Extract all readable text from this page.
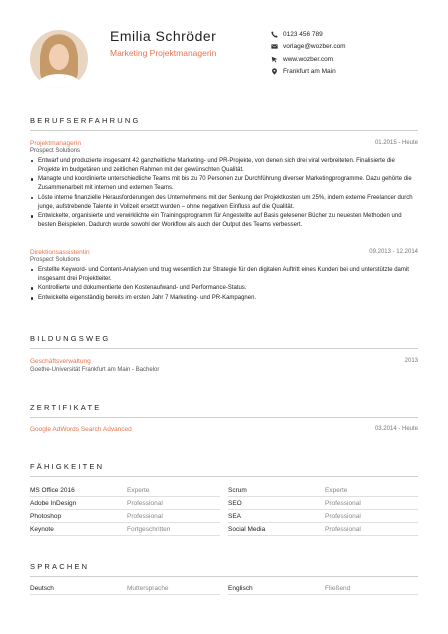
Emilia Schröder
Marketing Projektmanagerin
0123 456 789
vorlage@wozber.com
www.wozber.com
Frankfurt am Main
BERUFSERFAHRUNG
Projektmanagerin	01.2015 - Heute
Prospect Solutions
Entwarf und produzierte insgesamt 42 ganzheitliche Marketing- und PR-Projekte, von denen sich drei viral verbreiteten. Finalisierte die Projekte im budgetären und zeitlichen Rahmen mit der gewünschten Qualität.
Managte und koordinierte unterschiedliche Teams mit bis zu 70 Personen zur Durchführung diverser Marketingprogramme. Dazu gehörte die Zusammenarbeit mit internen und externen Teams.
Löste interne finanzielle Herausforderungen des Unternehmens mit der Senkung der Projektkosten um 25%, indem externe Freelancer durch junge, aufstrebende Talente in Vollzeit ersetzt wurden – ohne negativen Einfluss auf die Qualität.
Entwickelte, organisierte und verwirklichte ein Trainingsprogramm für Angestellte auf Basis gelesener Bücher zu neuesten Methoden und besten Beispielen. Dadurch wurde sowohl der Workflow als auch der Output des Teams verbessert.
Direktionsassistentin	09.2013 - 12.2014
Prospect Solutions
Erstellte Keyword- und Content-Analysen und trug wesentlich zur Strategie für den digitalen Auftritt eines Kunden bei und unterstützte damit insgesamt drei Projektleiter.
Kontrollierte und dokumentierte den Kostenaufwand- und Performance-Status.
Entwickelte eigenständig bereits im ersten Jahr 7 Marketing- und PR-Kampagnen.
BILDUNGSWEG
Geschäftsverwaltung	2013
Goethe-Universität Frankfurt am Main - Bachelor
ZERTIFIKATE
Google AdWords Search Advanced	03.2014 - Heute
FÄHIGKEITEN
MS Office 2016	Experte	Scrum	Experte
Adobe InDesign	Professional	SEO	Professional
Photoshop	Professional	SEA	Professional
Keynote	Fortgeschritten	Social Media	Professional
SPRACHEN
Deutsch	Muttersprache	Englisch	Fließend
